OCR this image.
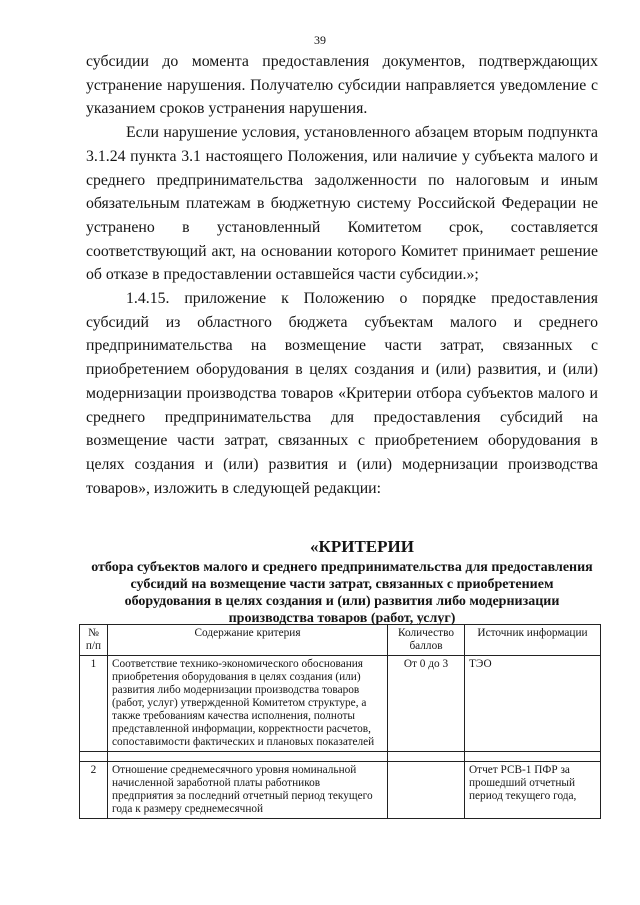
39

субсидии до момента предоставления документов, подтверждающих устранение нарушения. Получателю субсидии направляется уведомление с указанием сроков устранения нарушения.

Если нарушение условия, установленного абзацем вторым подпункта 3.1.24 пункта 3.1 настоящего Положения, или наличие у субъекта малого и среднего предпринимательства задолженности по налоговым и иным обязательным платежам в бюджетную систему Российской Федерации не устранено в установленный Комитетом срок, составляется соответствующий акт, на основании которого Комитет принимает решение об отказе в предоставлении оставшейся части субсидии.»;

1.4.15. приложение к Положению о порядке предоставления субсидий из областного бюджета субъектам малого и среднего предпринимательства на возмещение части затрат, связанных с приобретением оборудования в целях создания и (или) развития, и (или) модернизации производства товаров «Критерии отбора субъектов малого и среднего предпринимательства для предоставления субсидий на возмещение части затрат, связанных с приобретением оборудования в целях создания и (или) развития и (или) модернизации производства товаров», изложить в следующей редакции:

«КРИТЕРИИ

отбора субъектов малого и среднего предпринимательства для предоставления субсидий на возмещение части затрат, связанных с приобретением оборудования в целях создания и (или) развития либо модернизации производства товаров (работ, услуг)

№ п/п	Содержание критерия	Количество баллов	Источник информации
1	Соответствие технико-экономического обоснования приобретения оборудования в целях создания (или) развития либо модернизации производства товаров (работ, услуг) утвержденной Комитетом структуре, а также требованиям качества исполнения, полноты представленной информации, корректности расчетов, сопоставимости фактических и плановых показателей	От 0 до 3	ТЭО

2	Отношение среднемесячного уровня номинальной начисленной заработной платы работников предприятия за последний отчетный период текущего года к размеру среднемесячной		Отчет РСВ-1 ПФР за прошедший отчетный период текущего года,
